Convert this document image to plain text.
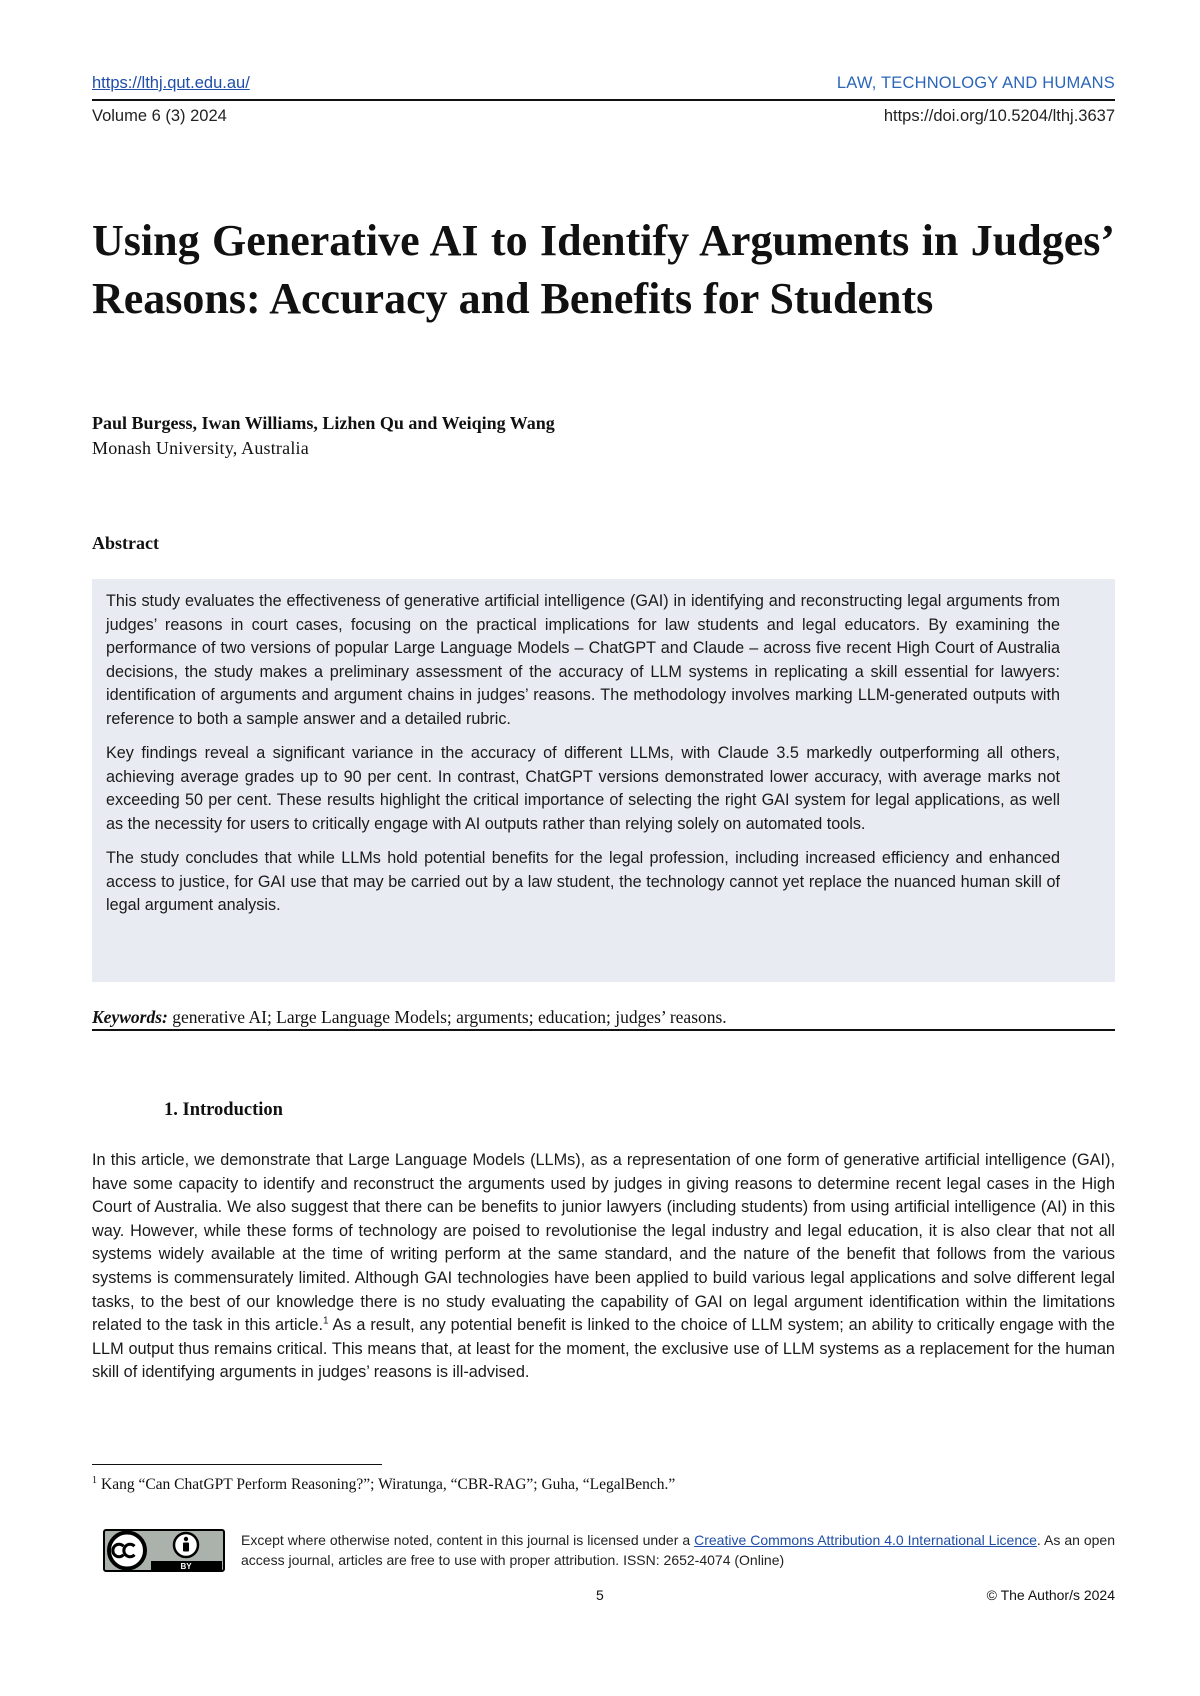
https://lthj.qut.edu.au/	LAW, TECHNOLOGY AND HUMANS
Volume 6 (3) 2024	https://doi.org/10.5204/lthj.3637
Using Generative AI to Identify Arguments in Judges’ Reasons: Accuracy and Benefits for Students

Paul Burgess, Iwan Williams, Lizhen Qu and Weiqing Wang

Monash University, Australia

Abstract

This study evaluates the effectiveness of generative artificial intelligence (GAI) in identifying and reconstructing legal arguments from judges’ reasons in court cases, focusing on the practical implications for law students and legal educators. By examining the performance of two versions of popular Large Language Models – ChatGPT and Claude – across five recent High Court of Australia decisions, the study makes a preliminary assessment of the accuracy of LLM systems in replicating a skill essential for lawyers: identification of arguments and argument chains in judges’ reasons. The methodology involves marking LLM-generated outputs with reference to both a sample answer and a detailed rubric.

Key findings reveal a significant variance in the accuracy of different LLMs, with Claude 3.5 markedly outperforming all others, achieving average grades up to 90 per cent. In contrast, ChatGPT versions demonstrated lower accuracy, with average marks not exceeding 50 per cent. These results highlight the critical importance of selecting the right GAI system for legal applications, as well as the necessity for users to critically engage with AI outputs rather than relying solely on automated tools.

The study concludes that while LLMs hold potential benefits for the legal profession, including increased efficiency and enhanced access to justice, for GAI use that may be carried out by a law student, the technology cannot yet replace the nuanced human skill of legal argument analysis.

Keywords: generative AI; Large Language Models; arguments; education; judges’ reasons.

1. Introduction

In this article, we demonstrate that Large Language Models (LLMs), as a representation of one form of generative artificial intelligence (GAI), have some capacity to identify and reconstruct the arguments used by judges in giving reasons to determine recent legal cases in the High Court of Australia. We also suggest that there can be benefits to junior lawyers (including students) from using artificial intelligence (AI) in this way. However, while these forms of technology are poised to revolutionise the legal industry and legal education, it is also clear that not all systems widely available at the time of writing perform at the same standard, and the nature of the benefit that follows from the various systems is commensurately limited. Although GAI technologies have been applied to build various legal applications and solve different legal tasks, to the best of our knowledge there is no study evaluating the capability of GAI on legal argument identification within the limitations related to the task in this article.$^1$ As a result, any potential benefit is linked to the choice of LLM system; an ability to critically engage with the LLM output thus remains critical. This means that, at least for the moment, the exclusive use of LLM systems as a replacement for the human skill of identifying arguments in judges’ reasons is ill-advised.

$^1$ Kang “Can ChatGPT Perform Reasoning?”; Wiratunga, “CBR-RAG”; Guha, “LegalBench.”

BY

Except where otherwise noted, content in this journal is licensed under a Creative Commons Attribution 4.0 International Licence. As an open access journal, articles are free to use with proper attribution. ISSN: 2652-4074 (Online)

5	© The Author/s 2024
